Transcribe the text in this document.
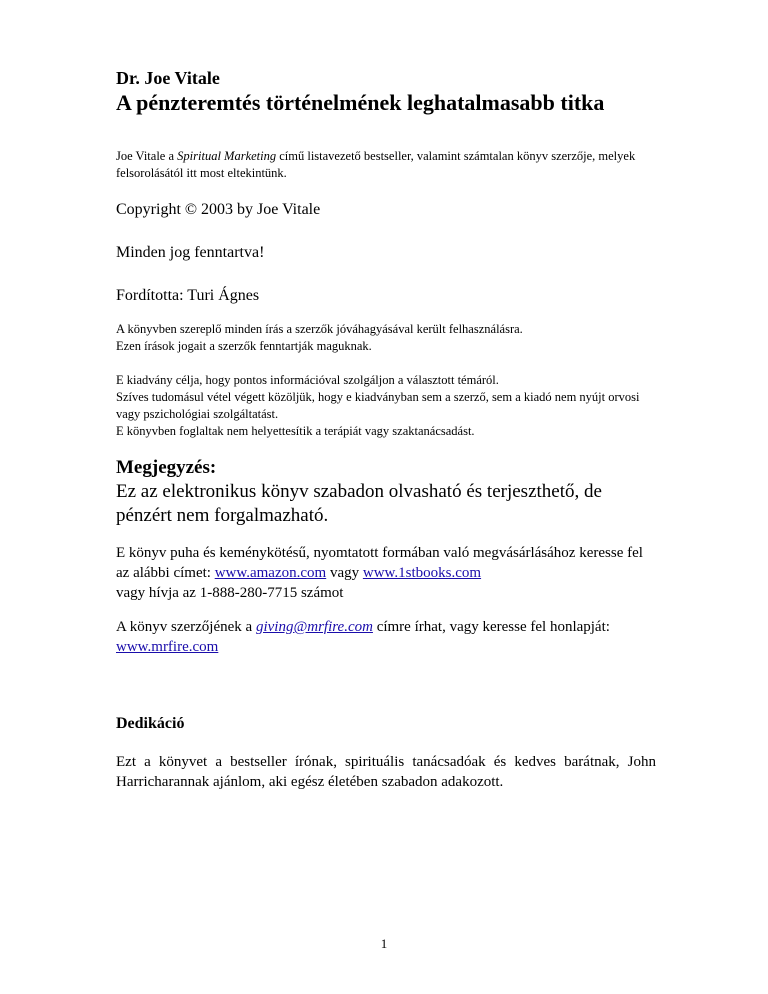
Dr. Joe Vitale
A pénzteremtés történelmének leghatalmasabb titka

Joe Vitale a Spiritual Marketing című listavezető bestseller, valamint számtalan könyv szerzője, melyek felsorolásától itt most eltekintünk.

Copyright © 2003 by Joe Vitale
Minden jog fenntartva!
Fordította: Turi Ágnes
A könyvben szereplő minden írás a szerzők jóváhagyásával került felhasználásra.
Ezen írások jogait a szerzők fenntartják maguknak.
E kiadvány célja, hogy pontos információval szolgáljon a választott témáról.
Szíves tudomásul vétel végett közöljük, hogy e kiadványban sem a szerző, sem a kiadó nem nyújt orvosi vagy pszichológiai szolgáltatást.
E könyvben foglaltak nem helyettesítik a terápiát vagy szaktanácsadást.
Megjegyzés:
Ez az elektronikus könyv szabadon olvasható és terjeszthető, de pénzért nem forgalmazható.
E könyv puha és keménykötésű, nyomtatott formában való megvásárlásához keresse fel az alábbi címet: www.amazon.com vagy www.1stbooks.com
vagy hívja az 1-888-280-7715 számot

A könyv szerzőjének a giving@mrfire.com címre írhat, vagy keresse fel honlapját: www.mrfire.com

Dedikáció

Ezt a könyvet a bestseller írónak, spirituális tanácsadóak és kedves barátnak, John Harricharannak ajánlom, aki egész életében szabadon adakozott.

1
